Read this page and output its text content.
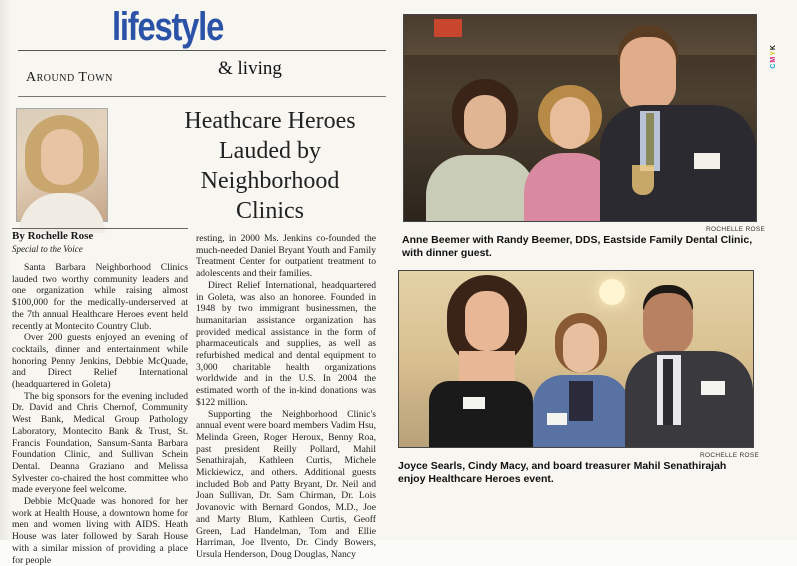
lifestyle
& living
Around Town
Heathcare Heroes
Lauded by
Neighborhood
Clinics
By Rochelle Rose
Special to the Voice

Santa Barbara Neighborhood Clinics lauded two worthy community leaders and one organization while raising almost $100,000 for the medically-underserved at the 7th annual Healthcare Heroes event held recently at Montecito Country Club.

Over 200 guests enjoyed an evening of cocktails, dinner and entertainment while honoring Penny Jenkins, Debbie McQuade, and Direct Relief International (headquartered in Goleta)

The big sponsors for the evening included Dr. David and Chris Chernof, Community West Bank, Medical Group Pathology Laboratory, Montecito Bank & Trust, St. Francis Foundation, Sansum-Santa Barbara Foundation Clinic, and Sullivan Schein Dental. Deanna Graziano and Melissa Sylvester co-chaired the host committee who made everyone feel welcome.

Debbie McQuade was honored for her work at Health House, a downtown home for men and women living with AIDS. Heath House was later followed by Sarah House with a similar mission of providing a place for people

resting, in 2000 Ms. Jenkins co-founded the much-needed Daniel Bryant Youth and Family Treatment Center for outpatient treatment to adolescents and their families.

Direct Relief International, headquartered in Goleta, was also an honoree. Founded in 1948 by two immigrant businessmen, the humanitarian assistance organization has provided medical assistance in the form of pharmaceuticals and supplies, as well as refurbished medical and dental equipment to 3,000 charitable health organizations worldwide and in the U.S. In 2004 the estimated worth of the in-kind donations was $122 million.

Supporting the Neighborhood Clinic's annual event were board members Vadim Hsu, Melinda Green, Roger Heroux, Benny Roa, past president Reilly Pollard, Mahil Senathirajah, Kathleen Curtis, Michele Mickiewicz, and others. Additional guests included Bob and Patty Bryant, Dr. Neil and Joan Sullivan, Dr. Sam Chirman, Dr. Lois Jovanovic with Bernard Gondos, M.D., Joe and Marty Blum, Kathleen Curtis, Geoff Green, Lad Handelman, Tom and Ellie Harriman, Joe Ilvento, Dr. Cindy Bowers, Ursula Henderson, Doug Douglas, Nancy

ROCHELLE ROSE
Anne Beemer with Randy Beemer, DDS, Eastside Family Dental Clinic, with dinner guest.
ROCHELLE ROSE
Joyce Searls, Cindy Macy, and board treasurer Mahil Senathirajah enjoy Healthcare Heroes event.
CMYK
